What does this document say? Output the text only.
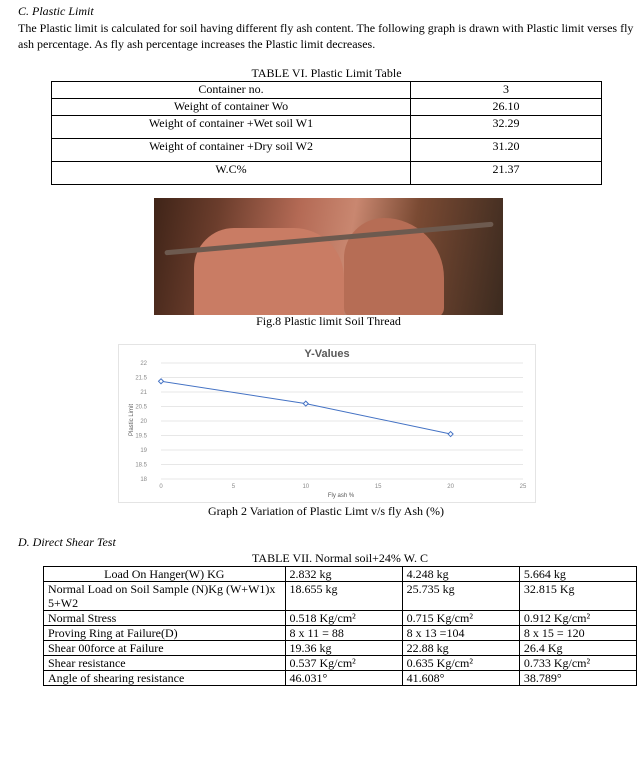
C. Plastic Limit
The Plastic limit is calculated for soil having different fly ash content. The following graph is drawn with Plastic limit verses fly ash percentage. As fly ash percentage increases the Plastic limit decreases.
TABLE VI. Plastic Limit Table
Container no.	3
Weight of container Wo	26.10
Weight of container +Wet soil W1	32.29
Weight of container +Dry soil W2	31.20
W.C%	21.37
Fig.8 Plastic limit Soil Thread
Y-Values
Plastic Limit
Fly ash %
18
18.5
19
19.5
20
20.5
21
21.5
22
0	5	10	15	20	25
Graph 2 Variation of Plastic Limt v/s fly Ash (%)
D. Direct Shear Test
TABLE VII. Normal soil+24% W. C
Load On Hanger(W) KG	2.832 kg	4.248 kg	5.664 kg
Normal Load on Soil Sample (N)Kg (W+W1)x 5+W2	18.655 kg	25.735 kg	32.815 Kg
Normal Stress	0.518 Kg/cm²	0.715 Kg/cm²	0.912 Kg/cm²
Proving Ring at Failure(D)	8 x 11 = 88	8 x 13 =104	8 x 15 = 120
Shear 00force at Failure	19.36 kg	22.88 kg	26.4 Kg
Shear resistance	0.537 Kg/cm²	0.635 Kg/cm²	0.733 Kg/cm²
Angle of shearing resistance	46.031°	41.608°	38.789°
